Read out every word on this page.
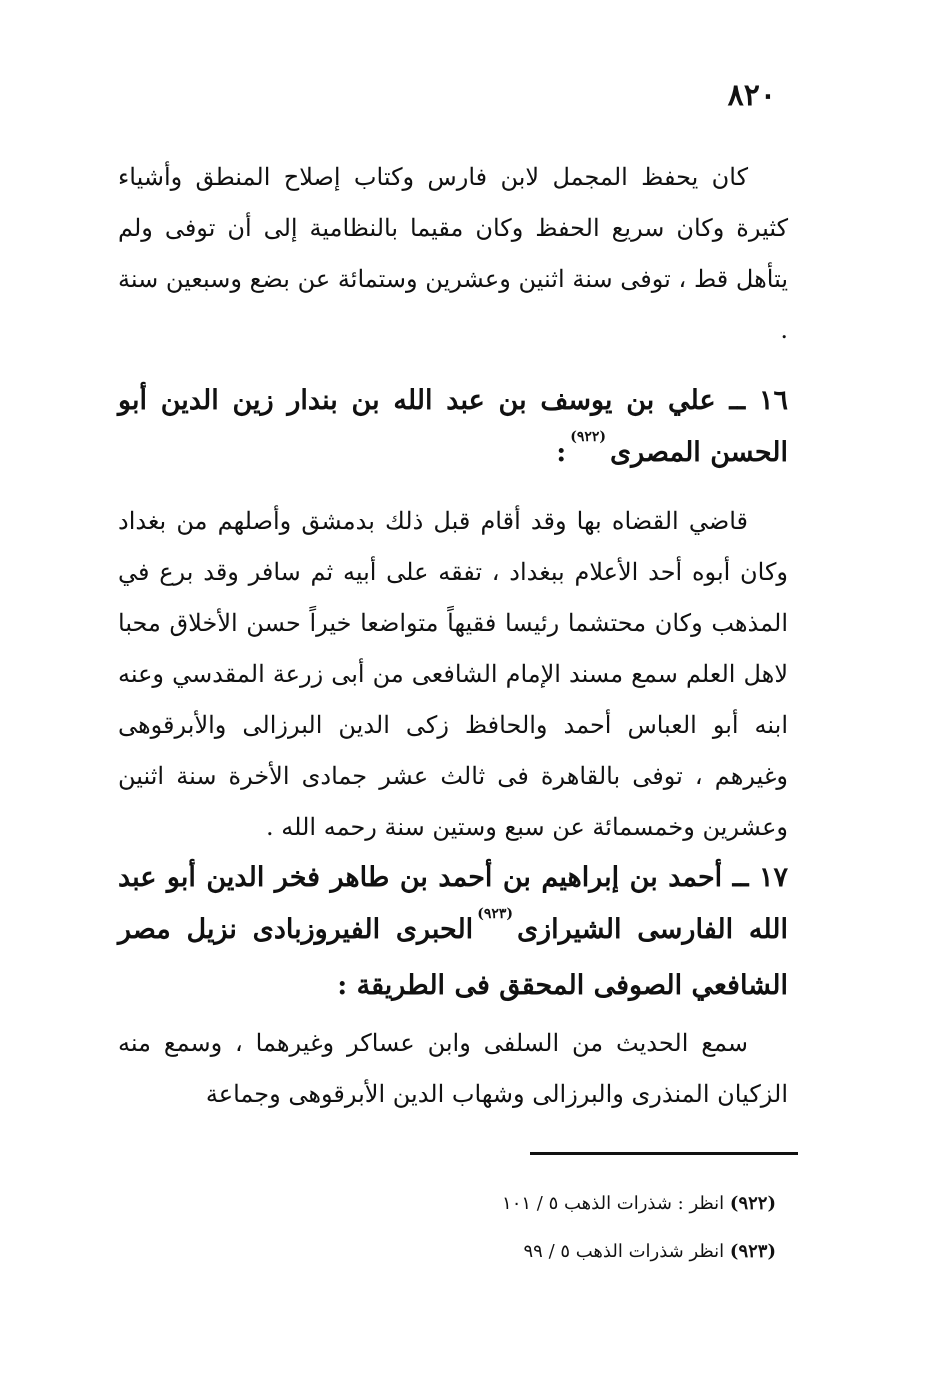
٨٢٠
كان يحفظ المجمل لابن فارس وكتاب إصلاح المنطق وأشياء كثيرة وكان سريع الحفظ وكان مقيما بالنظامية إلى أن توفى ولم يتأهل قط ، توفى سنة اثنين وعشرين وستمائة عن بضع وسبعين سنة .
١٦ ــ علي بن يوسف بن عبد الله بن بندار زين الدين أبو الحسن المصرى$^{(٩٢٢)}$:
قاضي القضاه بها وقد أقام قبل ذلك بدمشق وأصلهم من بغداد وكان أبوه أحد الأعلام ببغداد ، تفقه على أبيه ثم سافر وقد برع في المذهب وكان محتشما رئيسا فقيهاً متواضعا خيراً حسن الأخلاق محبا لاهل العلم سمع مسند الإمام الشافعى من أبى زرعة المقدسي وعنه ابنه أبو العباس أحمد والحافظ زكى الدين البرزالى والأبرقوهى وغيرهم ، توفى بالقاهرة فى ثالث عشر جمادى الأخرة سنة اثنين وعشرين وخمسمائة عن سبع وستين سنة رحمه الله .
١٧ ــ أحمد بن إبراهيم بن أحمد بن طاهر فخر الدين أبو عبد الله الفارسى الشيرازى$^{(٩٢٣)}$الحبرى الفيروزبادى نزيل مصر الشافعي الصوفى المحقق فى الطريقة :
سمع الحديث من السلفى وابن عساكر وغيرهما ، وسمع منه الزكيان المنذرى والبرزالى وشهاب الدين الأبرقوهى وجماعة
(٩٢٢) انظر : شذرات الذهب ٥ / ١٠١
(٩٢٣) انظر شذرات الذهب ٥ / ٩٩
